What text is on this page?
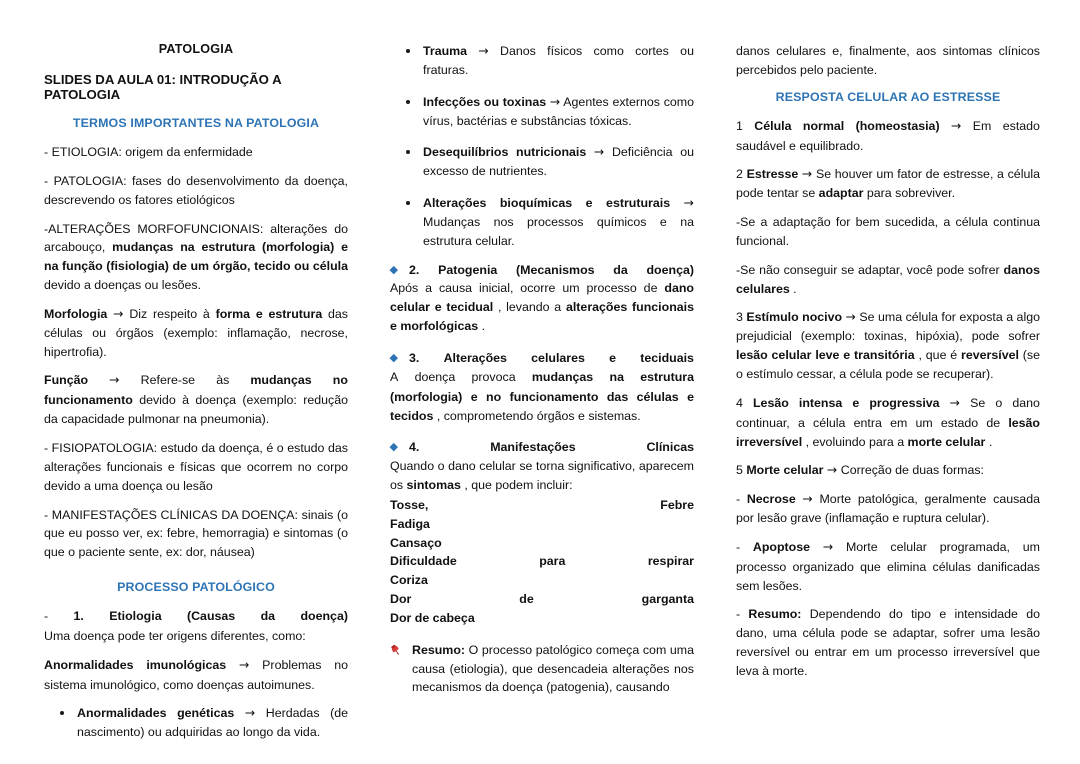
PATOLOGIA
SLIDES DA AULA 01: INTRODUÇÃO A PATOLOGIA
TERMOS IMPORTANTES NA PATOLOGIA

- ETIOLOGIA: origem da enfermidade

- PATOLOGIA: fases do desenvolvimento da doença, descrevendo os fatores etiológicos

-ALTERAÇÕES MORFOFUNCIONAIS: alterações do arcabouço, mudanças na estrutura (morfologia) e na função (fisiologia) de um órgão, tecido ou célula devido a doenças ou lesões.

Morfologia → Diz respeito à forma e estrutura das células ou órgãos (exemplo: inflamação, necrose, hipertrofia).

Função → Refere-se às mudanças no

funcionamento devido à doença (exemplo: redução da capacidade pulmonar na pneumonia).

- FISIOPATOLOGIA: estudo da doença, é o estudo das alterações funcionais e físicas que ocorrem no corpo devido a uma doença ou lesão

- MANIFESTAÇÕES CLÍNICAS DA DOENÇA: sinais (o que eu posso ver, ex: febre, hemorragia) e sintomas (o que o paciente sente, ex: dor, náusea)

PROCESSO PATOLÓGICO

- 1. Etiologia (Causas da doença)

Uma doença pode ter origens diferentes, como:

Anormalidades imunológicas → Problemas no

sistema imunológico, como doenças autoimunes.

Anormalidades genéticas → Herdadas (de nascimento) ou adquiridas ao longo da vida.
Trauma → Danos físicos como cortes ou
fraturas.
Infecções ou toxinas → Agentes externos como vírus, bactérias e substâncias tóxicas.
Desequilíbrios nutricionais → Deficiência ou excesso de nutrientes.
Alterações bioquímicas e estruturais → Mudanças nos processos químicos e na estrutura celular.
2. Patogenia (Mecanismos da doença)

Após a causa inicial, ocorre um processo de dano celular e tecidual , levando a alterações funcionais e morfológicas .

3. Alterações celulares e teciduais

A doença provoca mudanças na estrutura

(morfologia) e no funcionamento das células e tecidos , comprometendo órgãos e sistemas.

4.	Manifestações	Clínicas

Quando o dano celular se torna significativo, aparecem os sintomas , que podem incluir:

Tosse,	Febre
Fadiga
Cansaço
Dificuldade	para	respirar
Coriza
Dor	de	garganta
Dor de cabeça

Resumo: O processo patológico começa com uma causa (etiologia), que desencadeia alterações nos mecanismos da doença (patogenia), causando

danos celulares e, finalmente, aos sintomas clínicos percebidos pelo paciente.

RESPOSTA CELULAR AO ESTRESSE

1 Célula normal (homeostasia) → Em estado

saudável e equilibrado.

2 Estresse → Se houver um fator de estresse, a célula pode tentar se adaptar para sobreviver.

-Se a adaptação for bem sucedida, a célula continua funcional.

-Se não conseguir se adaptar, você pode sofrer danos celulares .

3 Estímulo nocivo → Se uma célula for exposta a algo prejudicial (exemplo: toxinas, hipóxia), pode sofrer lesão celular leve e transitória , que é reversível (se o estímulo cessar, a célula pode se recuperar).

4 Lesão intensa e progressiva → Se o dano

continuar, a célula entra em um estado de lesão irreversível , evoluindo para a morte celular .

5 Morte celular → Correção de duas formas:

- Necrose → Morte patológica, geralmente causada por lesão grave (inflamação e ruptura celular).

- Apoptose → Morte celular programada, um

processo organizado que elimina células danificadas sem lesões.

- Resumo: Dependendo do tipo e intensidade do dano, uma célula pode se adaptar, sofrer uma lesão reversível ou entrar em um processo irreversível que leva à morte.
